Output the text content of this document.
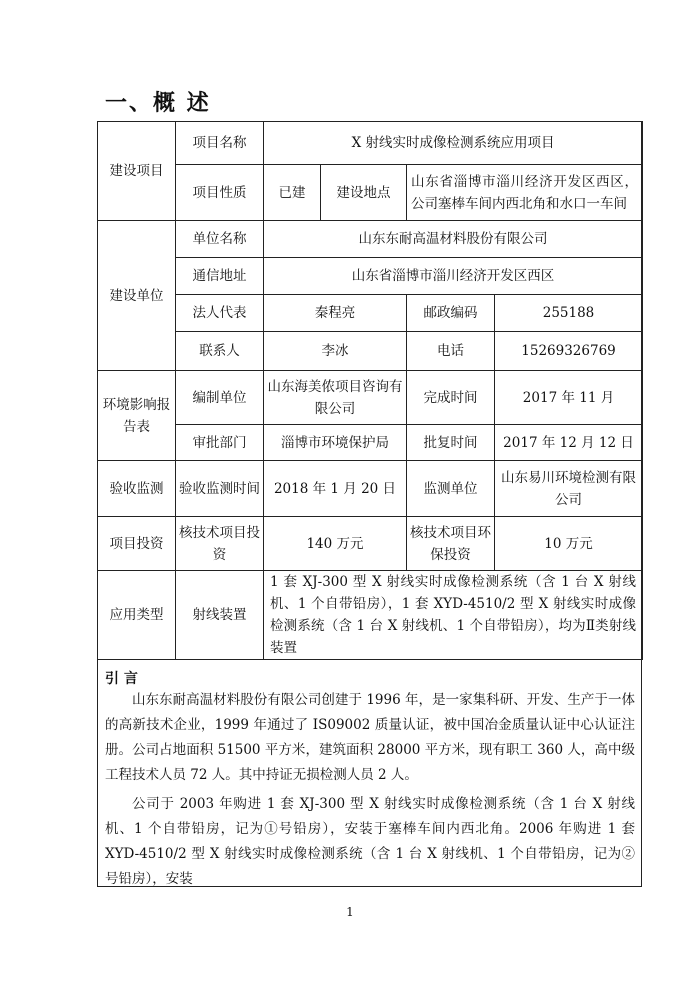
一、概 述
建设项目	项目名称	X 射线实时成像检测系统应用项目			
	项目性质	已建	建设地点	山东省淄博市淄川经济开发区西区，公司塞棒车间内西北角和水口一车间	
建设单位	单位名称	山东东耐高温材料股份有限公司			
	通信地址	山东省淄博市淄川经济开发区西区			
	法人代表	秦程亮		邮政编码	255188
	联系人	李冰		电话	15269326769
环境影响报告表	编制单位	山东海美侬项目咨询有限公司		完成时间	2017 年 11 月
	审批部门	淄博市环境保护局		批复时间	2017 年 12 月 12 日
验收监测	验收监测时间	2018 年 1 月 20 日		监测单位	山东易川环境检测有限公司
项目投资	核技术项目投资	140 万元		核技术项目环保投资	10 万元
应用类型	射线装置	1 套 XJ-300 型 X 射线实时成像检测系统（含 1 台 X 射线机、1 个自带铅房），1 套 XYD-4510/2 型 X 射线实时成像检测系统（含 1 台 X 射线机、1 个自带铅房），均为Ⅱ类射线装置			
引 言
山东东耐高温材料股份有限公司创建于 1996 年，是一家集科研、开发、生产于一体的高新技术企业，1999 年通过了 IS09002 质量认证，被中国冶金质量认证中心认证注册。公司占地面积 51500 平方米，建筑面积 28000 平方米，现有职工 360 人，高中级工程技术人员 72 人。其中持证无损检测人员 2 人。
公司于 2003 年购进 1 套 XJ-300 型 X 射线实时成像检测系统（含 1 台 X 射线机、1 个自带铅房，记为①号铅房），安装于塞棒车间内西北角。2006 年购进 1 套 XYD-4510/2 型 X 射线实时成像检测系统（含 1 台 X 射线机、1 个自带铅房，记为②号铅房），安装
1
